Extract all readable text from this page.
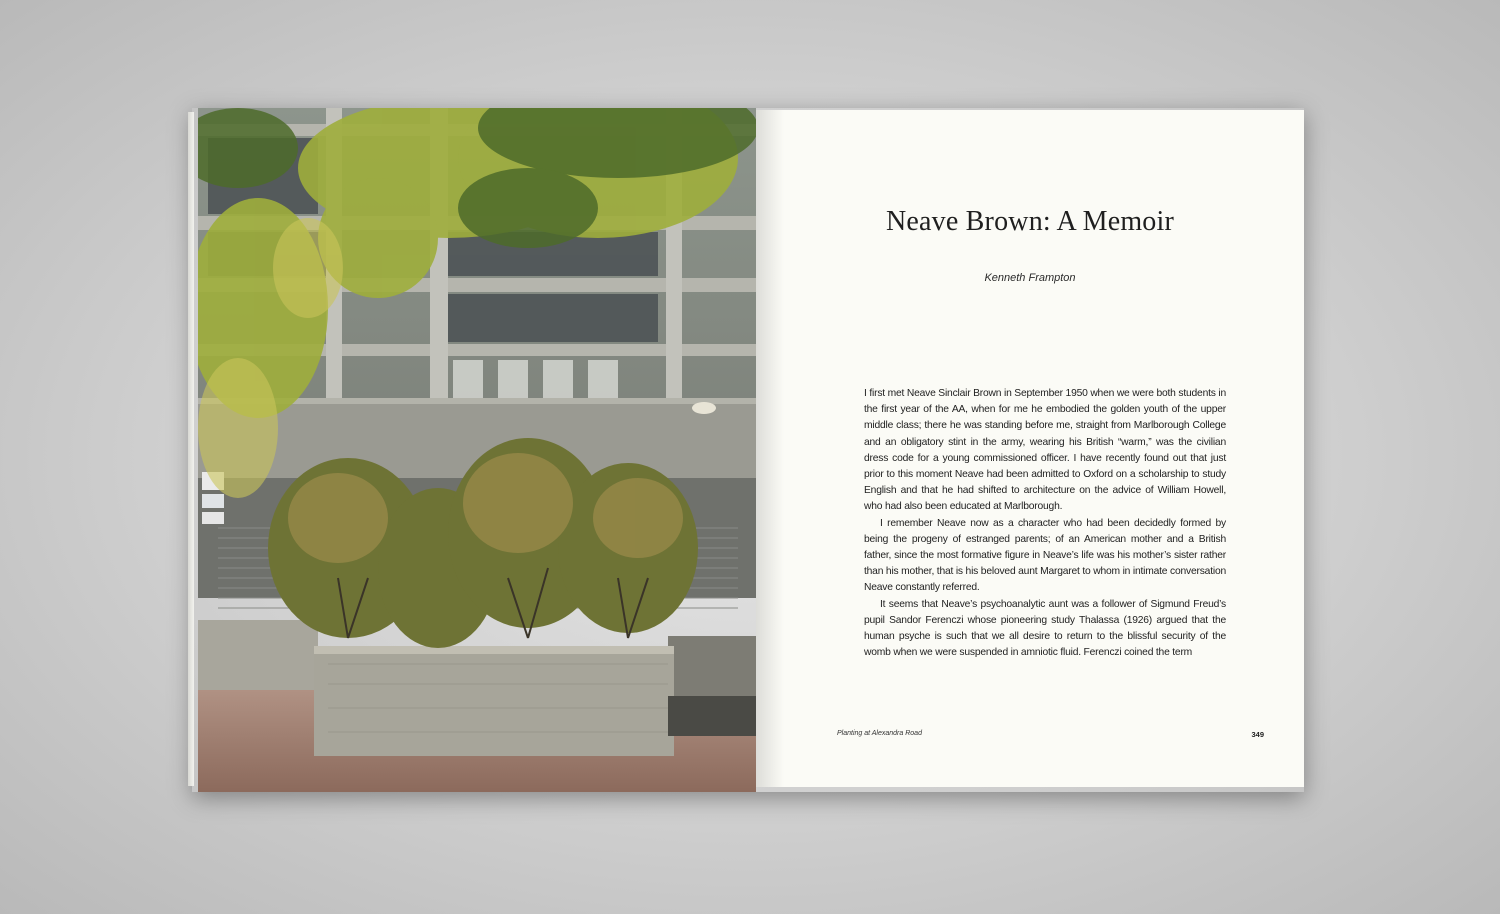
Neave Brown: A Memoir
Kenneth Frampton

I first met Neave Sinclair Brown in September 1950 when we were both students in the first year of the AA, when for me he embodied the golden youth of the upper middle class; there he was standing before me, straight from Marlborough College and an obligatory stint in the army, wearing his British “warm,” was the civilian dress code for a young commissioned officer. I have recently found out that just prior to this moment Neave had been admitted to Oxford on a scholarship to study English and that he had shifted to architecture on the advice of William Howell, who had also been educated at Marlborough.

I remember Neave now as a character who had been decidedly formed by being the progeny of estranged parents; of an American mother and a British father, since the most formative figure in Neave’s life was his mother’s sister rather than his mother, that is his beloved aunt Margaret to whom in intimate conversation Neave constantly referred.

It seems that Neave’s psychoanalytic aunt was a follower of Sigmund Freud’s pupil Sandor Ferenczi whose pioneering study Thalassa (1926) argued that the human psyche is such that we all desire to return to the blissful security of the womb when we were suspended in amniotic fluid. Ferenczi coined the term

Planting at Alexandra Road	349
